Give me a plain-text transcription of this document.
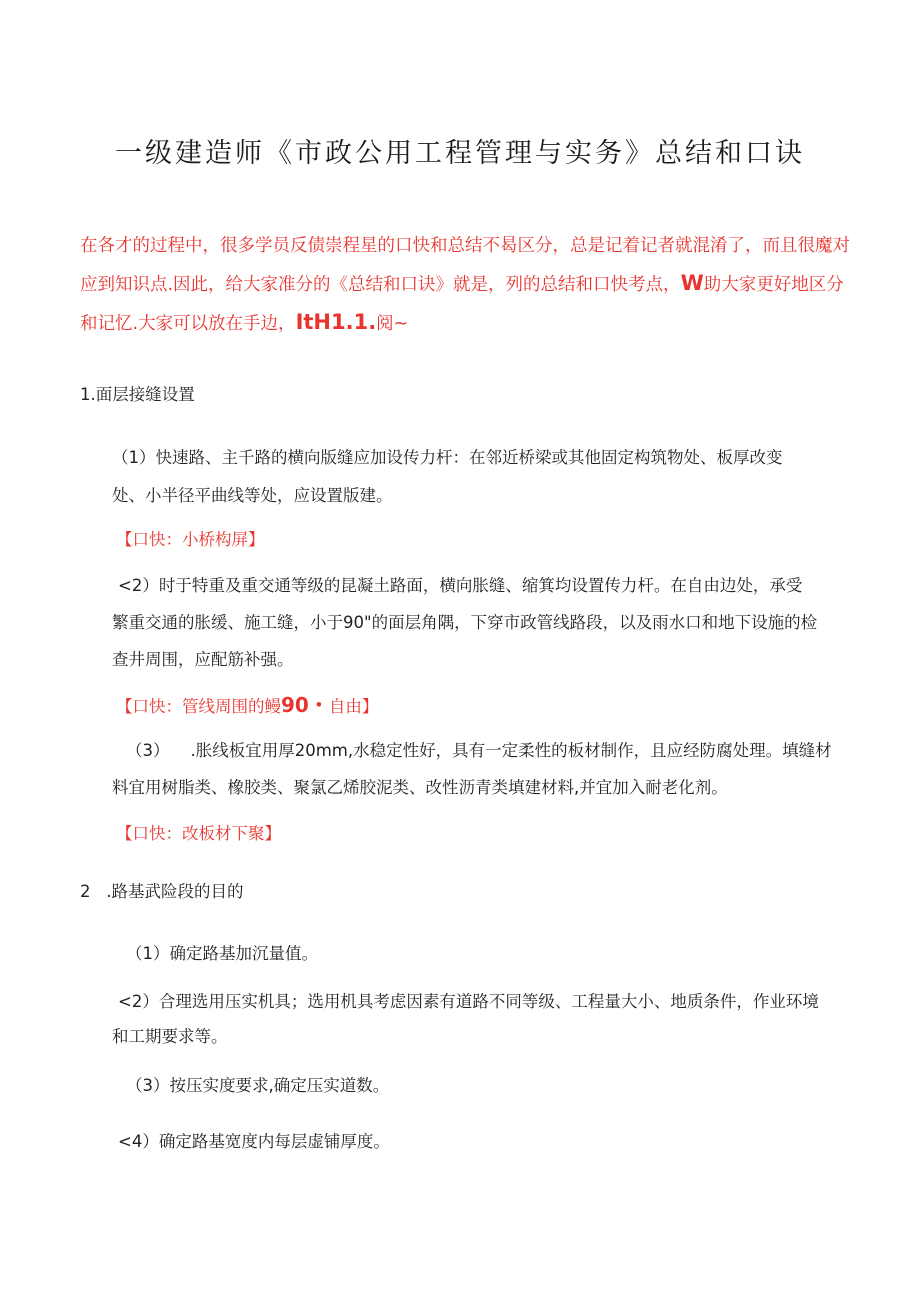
一级建造师《市政公用工程管理与实务》总结和口诀
在各才的过程中，很多学员反债崇程星的口快和总结不曷区分，总是记着记者就混淆了，而且很魔对
应到知识点.因此，给大家准分的《总结和口诀》就是，列的总结和口快考点，W助大家更好地区分
和记忆.大家可以放在手边，ItH1.1.阅~
1.面层接缝设置
（1）快速路、主千路的横向版缝应加设传力杆：在邻近桥梁或其他固定构筑物处、板厚改变
处、小半径平曲线等处，应设置版建。
【口快：小桥构屏】
<2）时于特重及重交通等级的昆凝土路面，横向胀缝、缩箕均设置传力杆。在自由边处，承受
繁重交通的胀缓、施工缝，小于90"的面层角隅，下穿市政管线路段，以及雨水口和地下设施的检
查井周围，应配筋补强。
【口快：管线周围的鳗90・自由】
（3）    .胀线板宜用厚20mm,水稳定性好，具有一定柔性的板材制作，且应经防腐处理。填缝材
料宜用树脂类、橡胶类、聚氯乙烯胶泥类、改性沥青类填建材料,并宜加入耐老化剂。
【口快：改板材下聚】
2   .路基武险段的目的
（1）确定路基加沉量值。
<2）合理选用压实机具；选用机具考虑因素有道路不同等级、工程量大小、地质条件，作业环境
和工期要求等。
（3）按压实度要求,确定压实道数。
<4）确定路基宽度内每层虚铺厚度。
